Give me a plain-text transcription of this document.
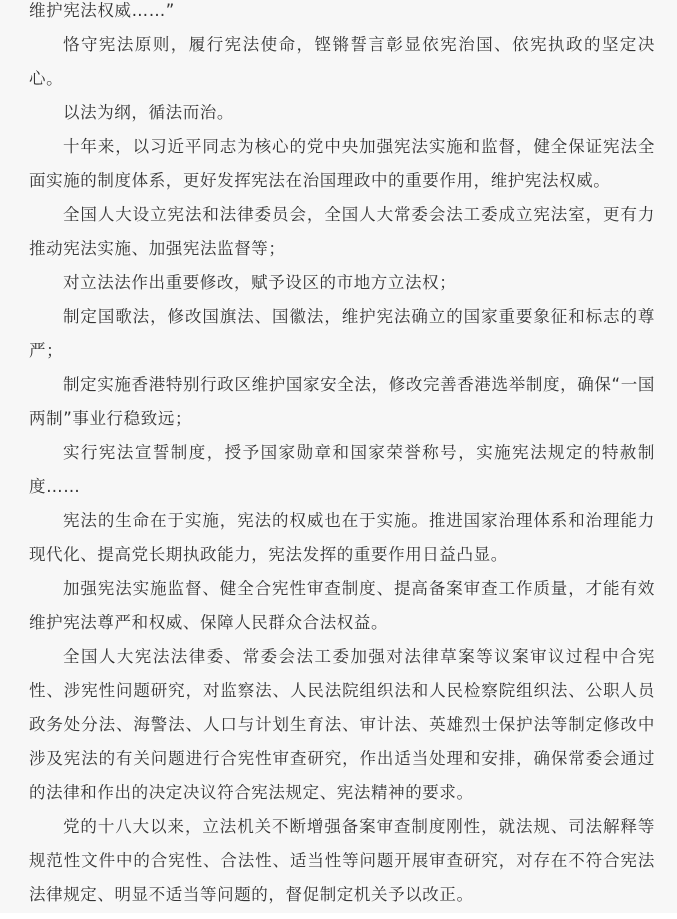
维护宪法权威……”

恪守宪法原则，履行宪法使命，铿锵誓言彰显依宪治国、依宪执政的坚定决心。

以法为纲，循法而治。

十年来，以习近平同志为核心的党中央加强宪法实施和监督，健全保证宪法全面实施的制度体系，更好发挥宪法在治国理政中的重要作用，维护宪法权威。

全国人大设立宪法和法律委员会，全国人大常委会法工委成立宪法室，更有力推动宪法实施、加强宪法监督等；

对立法法作出重要修改，赋予设区的市地方立法权；

制定国歌法，修改国旗法、国徽法，维护宪法确立的国家重要象征和标志的尊严；

制定实施香港特别行政区维护国家安全法，修改完善香港选举制度，确保“一国两制”事业行稳致远；

实行宪法宣誓制度，授予国家勋章和国家荣誉称号，实施宪法规定的特赦制度……

宪法的生命在于实施，宪法的权威也在于实施。推进国家治理体系和治理能力现代化、提高党长期执政能力，宪法发挥的重要作用日益凸显。

加强宪法实施监督、健全合宪性审查制度、提高备案审查工作质量，才能有效维护宪法尊严和权威、保障人民群众合法权益。

全国人大宪法法律委、常委会法工委加强对法律草案等议案审议过程中合宪性、涉宪性问题研究，对监察法、人民法院组织法和人民检察院组织法、公职人员政务处分法、海警法、人口与计划生育法、审计法、英雄烈士保护法等制定修改中涉及宪法的有关问题进行合宪性审查研究，作出适当处理和安排，确保常委会通过的法律和作出的决定决议符合宪法规定、宪法精神的要求。

党的十八大以来，立法机关不断增强备案审查制度刚性，就法规、司法解释等规范性文件中的合宪性、合法性、适当性等问题开展审查研究，对存在不符合宪法法律规定、明显不适当等问题的，督促制定机关予以改正。
